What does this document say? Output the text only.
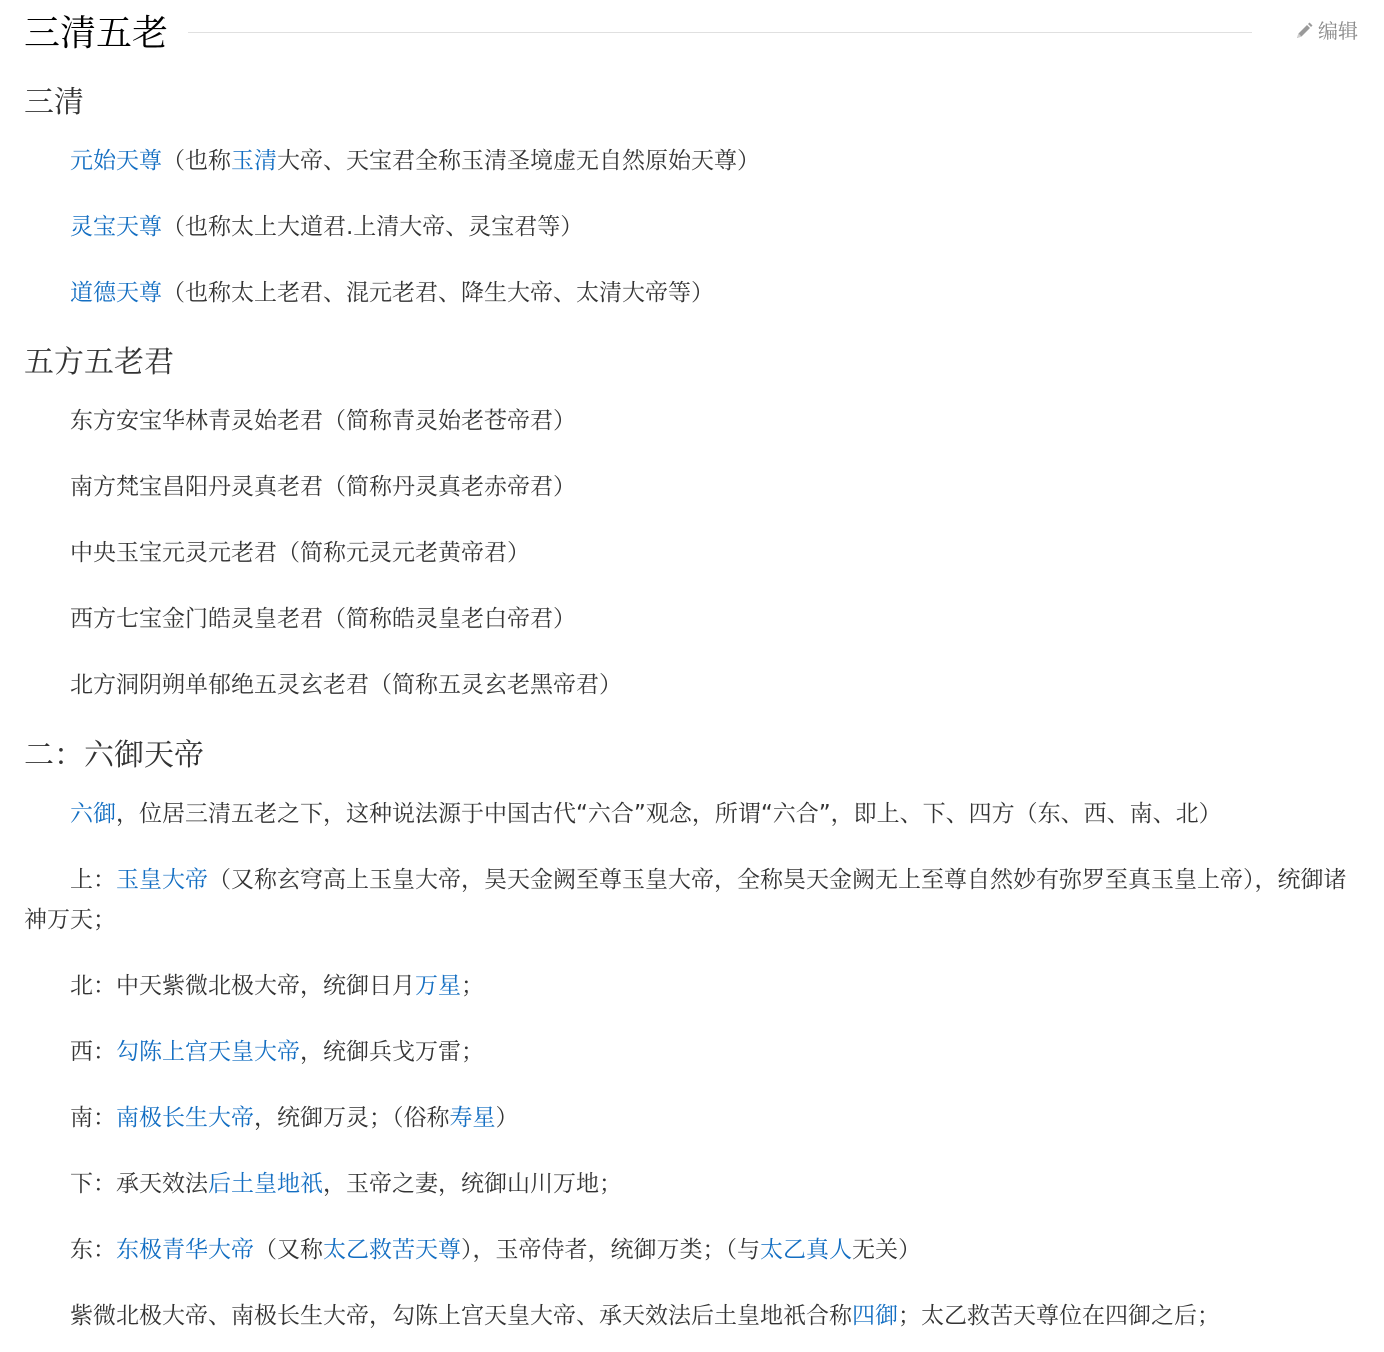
三清五老	编辑
三清
元始天尊（也称玉清大帝、天宝君全称玉清圣境虚无自然原始天尊）
灵宝天尊（也称太上大道君.上清大帝、灵宝君等）
道德天尊（也称太上老君、混元老君、降生大帝、太清大帝等）
五方五老君
东方安宝华林青灵始老君（简称青灵始老苍帝君）
南方梵宝昌阳丹灵真老君（简称丹灵真老赤帝君）
中央玉宝元灵元老君（简称元灵元老黄帝君）
西方七宝金门皓灵皇老君（简称皓灵皇老白帝君）
北方洞阴朔单郁绝五灵玄老君（简称五灵玄老黑帝君）
二：六御天帝
六御，位居三清五老之下，这种说法源于中国古代“六合”观念，所谓“六合”，即上、下、四方（东、西、南、北）
上：玉皇大帝（又称玄穹高上玉皇大帝，昊天金阙至尊玉皇大帝，全称昊天金阙无上至尊自然妙有弥罗至真玉皇上帝），统御诸神万天；
北：中天紫微北极大帝，统御日月万星；
西：勾陈上宫天皇大帝，统御兵戈万雷；
南：南极长生大帝，统御万灵；（俗称寿星）
下：承天效法后土皇地祇，玉帝之妻，统御山川万地；
东：东极青华大帝（又称太乙救苦天尊），玉帝侍者，统御万类；（与太乙真人无关）
紫微北极大帝、南极长生大帝，勾陈上宫天皇大帝、承天效法后土皇地祇合称四御；太乙救苦天尊位在四御之后；
